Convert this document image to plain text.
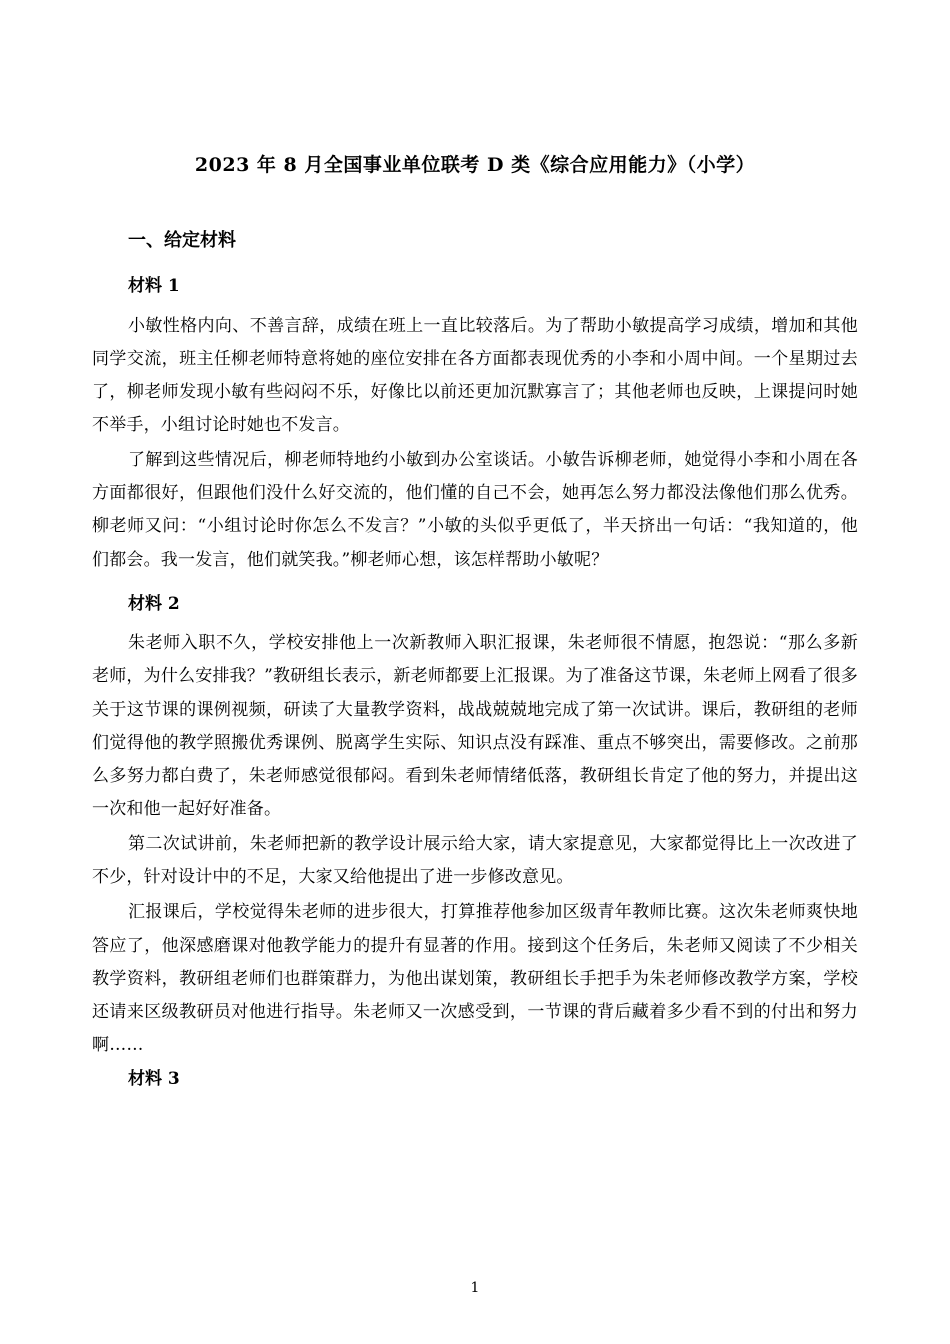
2023 年 8 月全国事业单位联考 D 类《综合应用能力》（小学）
一、给定材料
材料 1

小敏性格内向、不善言辞，成绩在班上一直比较落后。为了帮助小敏提高学习成绩，增加和其他同学交流，班主任柳老师特意将她的座位安排在各方面都表现优秀的小李和小周中间。一个星期过去了，柳老师发现小敏有些闷闷不乐，好像比以前还更加沉默寡言了；其他老师也反映，上课提问时她不举手，小组讨论时她也不发言。

了解到这些情况后，柳老师特地约小敏到办公室谈话。小敏告诉柳老师，她觉得小李和小周在各方面都很好，但跟他们没什么好交流的，他们懂的自己不会，她再怎么努力都没法像他们那么优秀。柳老师又问：“小组讨论时你怎么不发言？”小敏的头似乎更低了，半天挤出一句话：“我知道的，他们都会。我一发言，他们就笑我。”柳老师心想，该怎样帮助小敏呢？

材料 2

朱老师入职不久，学校安排他上一次新教师入职汇报课，朱老师很不情愿，抱怨说：“那么多新老师，为什么安排我？”教研组长表示，新老师都要上汇报课。为了准备这节课，朱老师上网看了很多关于这节课的课例视频，研读了大量教学资料，战战兢兢地完成了第一次试讲。课后，教研组的老师们觉得他的教学照搬优秀课例、脱离学生实际、知识点没有踩准、重点不够突出，需要修改。之前那么多努力都白费了，朱老师感觉很郁闷。看到朱老师情绪低落，教研组长肯定了他的努力，并提出这一次和他一起好好准备。

第二次试讲前，朱老师把新的教学设计展示给大家，请大家提意见，大家都觉得比上一次改进了不少，针对设计中的不足，大家又给他提出了进一步修改意见。

汇报课后，学校觉得朱老师的进步很大，打算推荐他参加区级青年教师比赛。这次朱老师爽快地答应了，他深感磨课对他教学能力的提升有显著的作用。接到这个任务后，朱老师又阅读了不少相关教学资料，教研组老师们也群策群力，为他出谋划策，教研组长手把手为朱老师修改教学方案，学校还请来区级教研员对他进行指导。朱老师又一次感受到，一节课的背后藏着多少看不到的付出和努力啊……

材料 3
1
